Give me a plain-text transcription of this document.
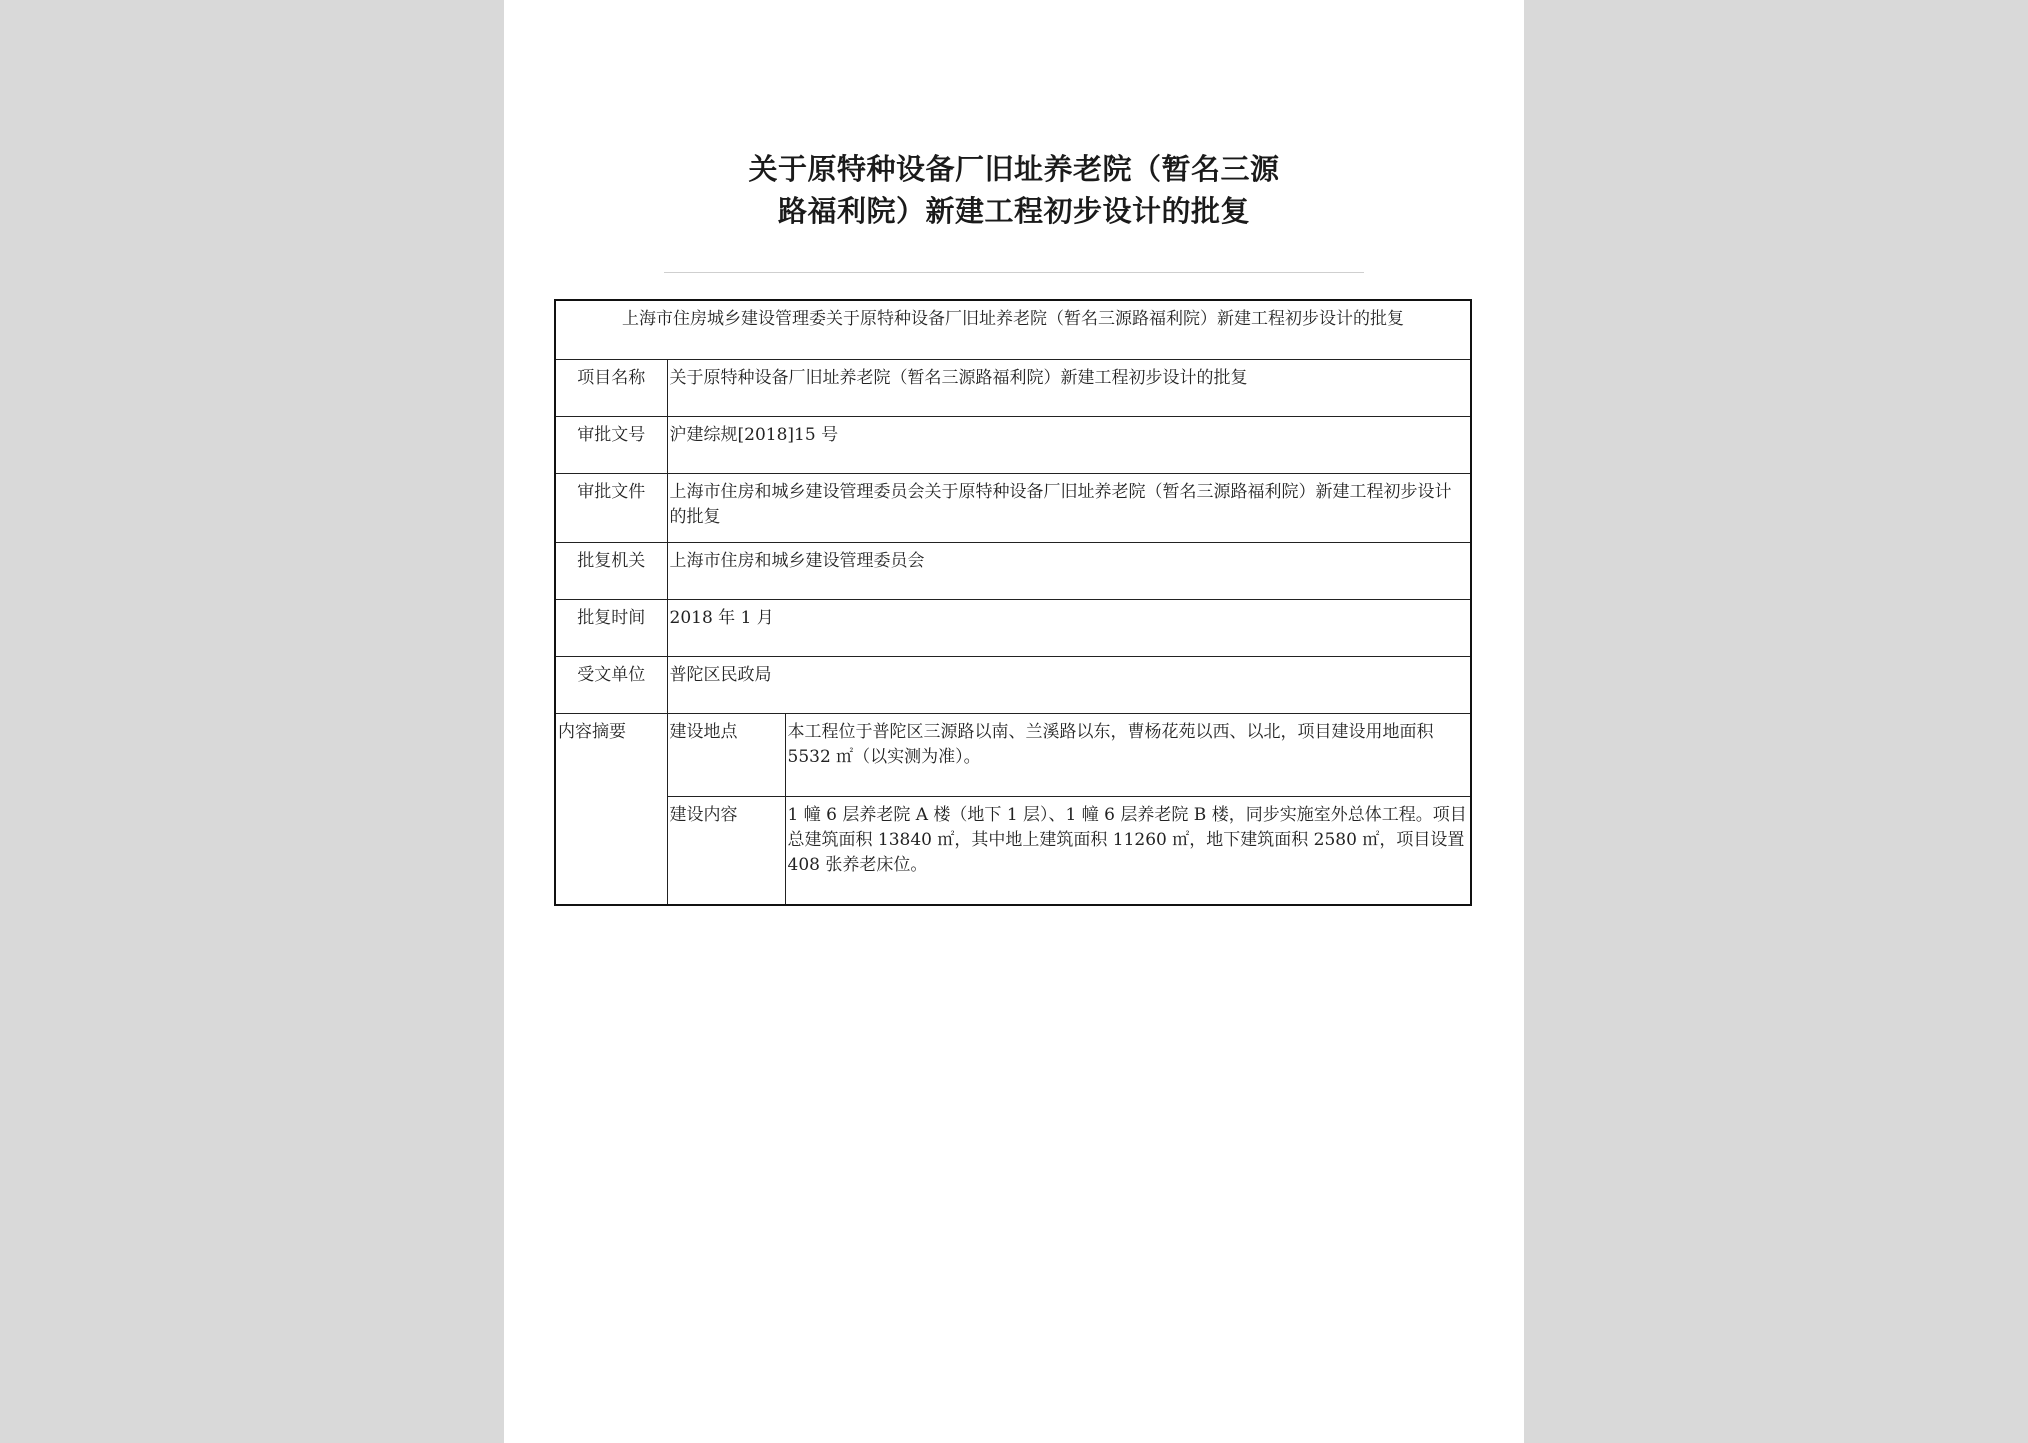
关于原特种设备厂旧址养老院（暂名三源
路福利院）新建工程初步设计的批复
上海市住房城乡建设管理委关于原特种设备厂旧址养老院（暂名三源路福利院）新建工程初步设计的批复		
项目名称	关于原特种设备厂旧址养老院（暂名三源路福利院）新建工程初步设计的批复	
审批文号	沪建综规[2018]15 号	
审批文件	上海市住房和城乡建设管理委员会关于原特种设备厂旧址养老院（暂名三源路福利院）新建工程初步设计的批复	
批复机关	上海市住房和城乡建设管理委员会	
批复时间	2018 年 1 月	
受文单位	普陀区民政局	
内容摘要	建设地点	本工程位于普陀区三源路以南、兰溪路以东，曹杨花苑以西、以北，项目建设用地面积 5532 ㎡（以实测为准）。
	建设内容	1 幢 6 层养老院 A 楼（地下 1 层）、1 幢 6 层养老院 B 楼，同步实施室外总体工程。项目总建筑面积 13840 ㎡，其中地上建筑面积 11260 ㎡，地下建筑面积 2580 ㎡，项目设置 408 张养老床位。
